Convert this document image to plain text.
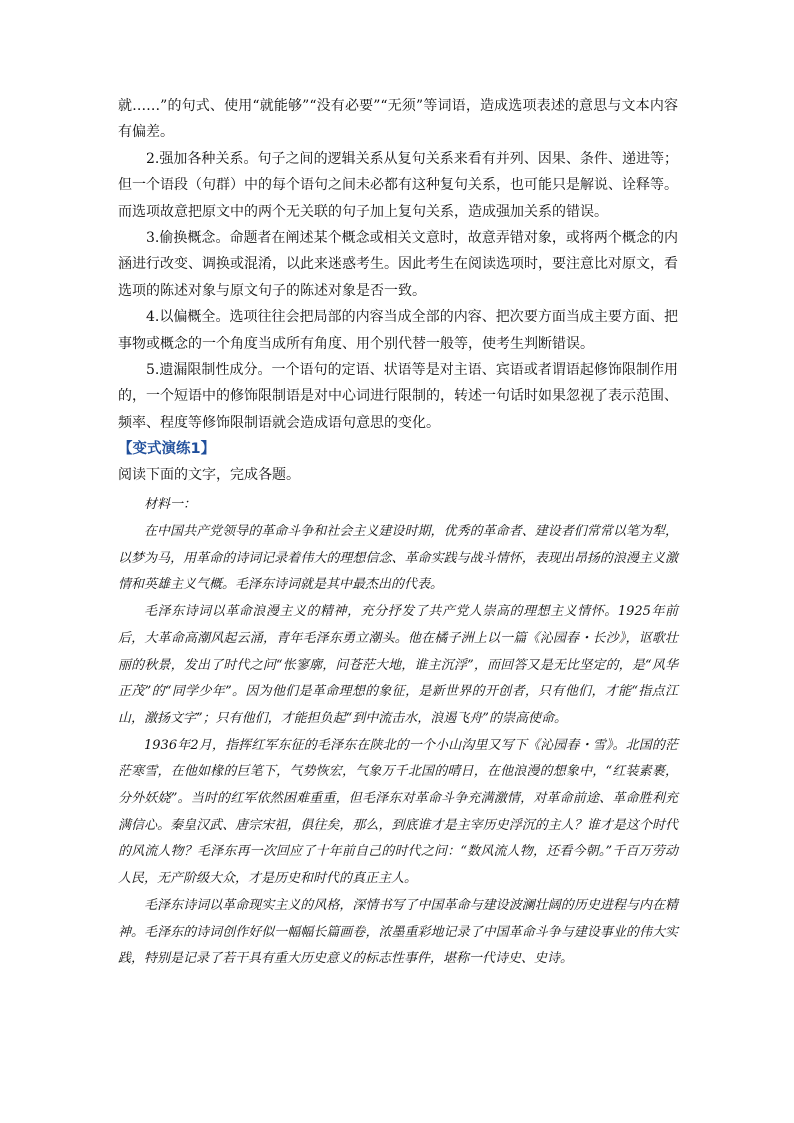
就……”的句式、使用“就能够”“没有必要”“无须”等词语，造成选项表述的意思与文本内容有偏差。

2.强加各种关系。句子之间的逻辑关系从复句关系来看有并列、因果、条件、递进等；但一个语段（句群）中的每个语句之间未必都有这种复句关系，也可能只是解说、诠释等。而选项故意把原文中的两个无关联的句子加上复句关系，造成强加关系的错误。

3.偷换概念。命题者在阐述某个概念或相关文意时，故意弄错对象，或将两个概念的内涵进行改变、调换或混淆，以此来迷惑考生。因此考生在阅读选项时，要注意比对原文，看选项的陈述对象与原文句子的陈述对象是否一致。

4.以偏概全。选项往往会把局部的内容当成全部的内容、把次要方面当成主要方面、把事物或概念的一个角度当成所有角度、用个别代替一般等，使考生判断错误。

5.遗漏限制性成分。一个语句的定语、状语等是对主语、宾语或者谓语起修饰限制作用的，一个短语中的修饰限制语是对中心词进行限制的，转述一句话时如果忽视了表示范围、频率、程度等修饰限制语就会造成语句意思的变化。

【变式演练1】

阅读下面的文字，完成各题。

材料一：

在中国共产党领导的革命斗争和社会主义建设时期，优秀的革命者、建设者们常常以笔为犁，以梦为马，用革命的诗词记录着伟大的理想信念、革命实践与战斗情怀，表现出昂扬的浪漫主义激情和英雄主义气概。毛泽东诗词就是其中最杰出的代表。

毛泽东诗词以革命浪漫主义的精神，充分抒发了共产党人崇高的理想主义情怀。1925年前后，大革命高潮风起云涌，青年毛泽东勇立潮头。他在橘子洲上以一篇《沁园春・长沙》，讴歌壮丽的秋景，发出了时代之问“怅寥廓，问苍茫大地，谁主沉浮”，而回答又是无比坚定的，是“风华正茂”的“同学少年”。因为他们是革命理想的象征，是新世界的开创者，只有他们，才能“指点江山，激扬文字”；只有他们，才能担负起“到中流击水，浪遏飞舟”的崇高使命。

1936年2月，指挥红军东征的毛泽东在陕北的一个小山沟里又写下《沁园春・雪》。北国的茫茫寒雪，在他如椽的巨笔下，气势恢宏，气象万千北国的晴日，在他浪漫的想象中，“红装素裹，分外妖娆”。当时的红军依然困难重重，但毛泽东对革命斗争充满激情，对革命前途、革命胜利充满信心。秦皇汉武、唐宗宋祖，俱往矣，那么，到底谁才是主宰历史浮沉的主人？谁才是这个时代的风流人物？毛泽东再一次回应了十年前自己的时代之问：“数风流人物，还看今朝。”千百万劳动人民，无产阶级大众，才是历史和时代的真正主人。

毛泽东诗词以革命现实主义的风格，深情书写了中国革命与建设波澜壮阔的历史进程与内在精神。毛泽东的诗词创作好似一幅幅长篇画卷，浓墨重彩地记录了中国革命斗争与建设事业的伟大实践，特别是记录了若干具有重大历史意义的标志性事件，堪称一代诗史、史诗。
